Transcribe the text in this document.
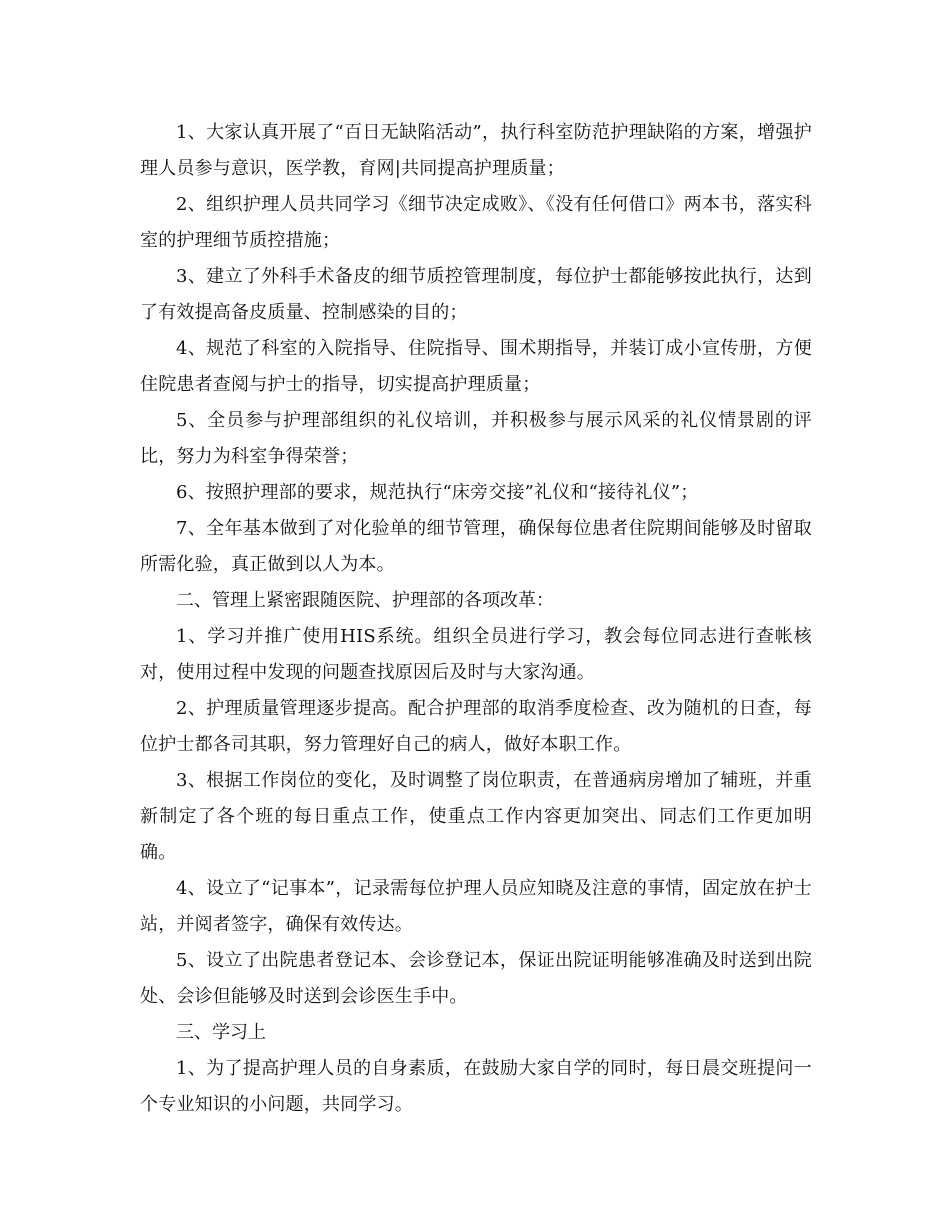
1、大家认真开展了“百日无缺陷活动”，执行科室防范护理缺陷的方案，增强护理人员参与意识，医学教，育网|共同提高护理质量；

2、组织护理人员共同学习《细节决定成败》、《没有任何借口》两本书，落实科室的护理细节质控措施；

3、建立了外科手术备皮的细节质控管理制度，每位护士都能够按此执行，达到了有效提高备皮质量、控制感染的目的；

4、规范了科室的入院指导、住院指导、围术期指导，并装订成小宣传册，方便住院患者查阅与护士的指导，切实提高护理质量；

5、全员参与护理部组织的礼仪培训，并积极参与展示风采的礼仪情景剧的评比，努力为科室争得荣誉；

6、按照护理部的要求，规范执行“床旁交接”礼仪和“接待礼仪”；

7、全年基本做到了对化验单的细节管理，确保每位患者住院期间能够及时留取所需化验，真正做到以人为本。

二、管理上紧密跟随医院、护理部的各项改革：

1、学习并推广使用HIS系统。组织全员进行学习，教会每位同志进行查帐核对，使用过程中发现的问题查找原因后及时与大家沟通。

2、护理质量管理逐步提高。配合护理部的取消季度检查、改为随机的日查，每位护士都各司其职，努力管理好自己的病人，做好本职工作。

3、根据工作岗位的变化，及时调整了岗位职责，在普通病房增加了辅班，并重新制定了各个班的每日重点工作，使重点工作内容更加突出、同志们工作更加明确。

4、设立了“记事本”，记录需每位护理人员应知晓及注意的事情，固定放在护士站，并阅者签字，确保有效传达。

5、设立了出院患者登记本、会诊登记本，保证出院证明能够准确及时送到出院处、会诊但能够及时送到会诊医生手中。

三、学习上

1、为了提高护理人员的自身素质，在鼓励大家自学的同时，每日晨交班提问一个专业知识的小问题，共同学习。
